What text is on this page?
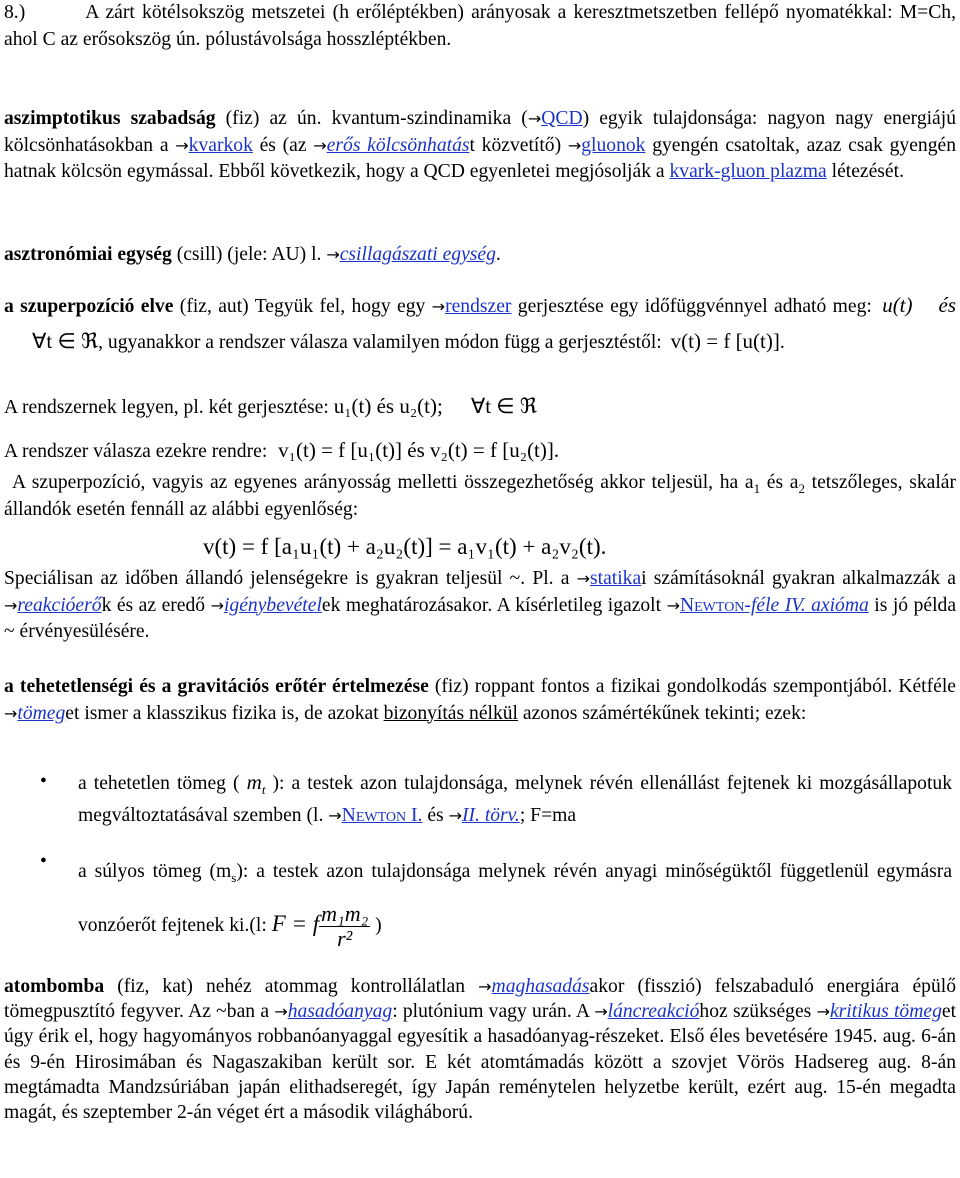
8.)	A zárt kötélsokszög metszetei (h erőléptékben) arányosak a keresztmetszetben fellépő nyomatékkal: M=Ch, ahol C az erősokszög ún. pólustávolsága hosszléptékben.

aszimptotikus szabadság (fiz) az ún. kvantum-szindinamika (→QCD) egyik tulajdonsága: nagyon nagy energiájú kölcsönhatásokban a →kvarkok és (az →erős kölcsönhatást közvetítő) →gluonok gyengén csatoltak, azaz csak gyengén hatnak kölcsön egymással. Ebből következik, hogy a QCD egyenletei megjósolják a kvark-gluon plazma létezését.

asztronómiai egység (csill) (jele: AU) l. →csillagászati egység.

a szuperpozíció elve (fiz, aut) Tegyük fel, hogy egy →rendszer gerjesztése egy időfüggvénnyel adható meg: u(t) és∀t ∈ ℜ, ugyanakkor a rendszer válasza valamilyen módon függ a gerjesztéstől: v(t) = f [u(t)].

A rendszernek legyen, pl. két gerjesztése: u₁(t) és u₂(t); ∀t ∈ ℜ

A rendszer válasza ezekre rendre: v₁(t) = f [u₁(t)] és v₂(t) = f [u₂(t)].

A szuperpozíció, vagyis az egyenes arányosság melletti összegezhetőség akkor teljesül, ha $a_1$ és $a_2$ tetszőleges, skalár állandók esetén fennáll az alábbi egyenlőség:

v(t) = f [a₁u₁(t) + a₂u₂(t)] = a₁v₁(t) + a₂v₂(t).

Speciálisan az időben állandó jelenségekre is gyakran teljesül ~. Pl. a →statikai számításoknál gyakran alkalmazzák a →reakcióerők és az eredő →igénybevételek meghatározásakor. A kísérletileg igazolt →Newton-féle IV. axióma is jó példa ~ érvényesülésére.

a tehetetlenségi és a gravitációs erőtér értelmezése (fiz) roppant fontos a fizikai gondolkodás szempontjából. Kétféle →tömeget ismer a klasszikus fizika is, de azokat bizonyítás nélkül azonos számértékűnek tekinti; ezek:

• a tehetetlen tömeg ( $m_t$ ): a testek azon tulajdonsága, melynek révén ellenállást fejtenek ki mozgásállapotuk megváltoztatásával szemben (l. →Newton I. és →II. törv.; F=ma
• a súlyos tömeg $(m_s)$: a testek azon tulajdonsága melynek révén anyagi minőségüktől függetlenül egymásra vonzóerőt fejtenek ki.(l: F = f $\frac{\text{m₁m₂}}{\text{r²}}$ )

atombomba (fiz, kat) nehéz atommag kontrollálatlan →maghasadásakor (fisszió) felszabaduló energiára épülő tömegpusztító fegyver. Az ~ban a →hasadóanyag: plutónium vagy urán. A →láncreakcióhoz szükséges →kritikus tömeget úgy érik el, hogy hagyományos robbanóanyaggal egyesítik a hasadóanyag-részeket. Első éles bevetésére 1945. aug. 6-án és 9-én Hirosimában és Nagaszakiban került sor. E két atomtámadás között a szovjet Vörös Hadsereg aug. 8-án megtámadta Mandzsúriában japán elithadseregét, így Japán reménytelen helyzetbe került, ezért aug. 15-én megadta magát, és szeptember 2-án véget ért a második világháború.
